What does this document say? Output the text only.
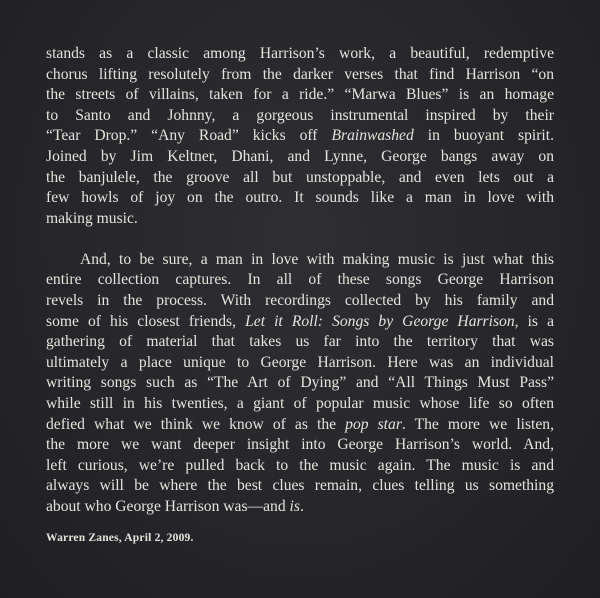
stands as a classic among Harrison’s work, a beautiful, redemptive
chorus lifting resolutely from the darker verses that find Harrison “on
the streets of villains, taken for a ride.” “Marwa Blues” is an homage
to Santo and Johnny, a gorgeous instrumental inspired by their
“Tear Drop.” “Any Road” kicks off Brainwashed in buoyant spirit.
Joined by Jim Keltner, Dhani, and Lynne, George bangs away on
the banjulele, the groove all but unstoppable, and even lets out a
few howls of joy on the outro. It sounds like a man in love with
making music.
And, to be sure, a man in love with making music is just what this
entire collection captures. In all of these songs George Harrison
revels in the process. With recordings collected by his family and
some of his closest friends, Let it Roll: Songs by George Harrison, is a
gathering of material that takes us far into the territory that was
ultimately a place unique to George Harrison. Here was an individual
writing songs such as “The Art of Dying” and “All Things Must Pass”
while still in his twenties, a giant of popular music whose life so often
defied what we think we know of as the pop star. The more we listen,
the more we want deeper insight into George Harrison’s world. And,
left curious, we’re pulled back to the music again. The music is and
always will be where the best clues remain, clues telling us something
about who George Harrison was—and is.
Warren Zanes, April 2, 2009.
